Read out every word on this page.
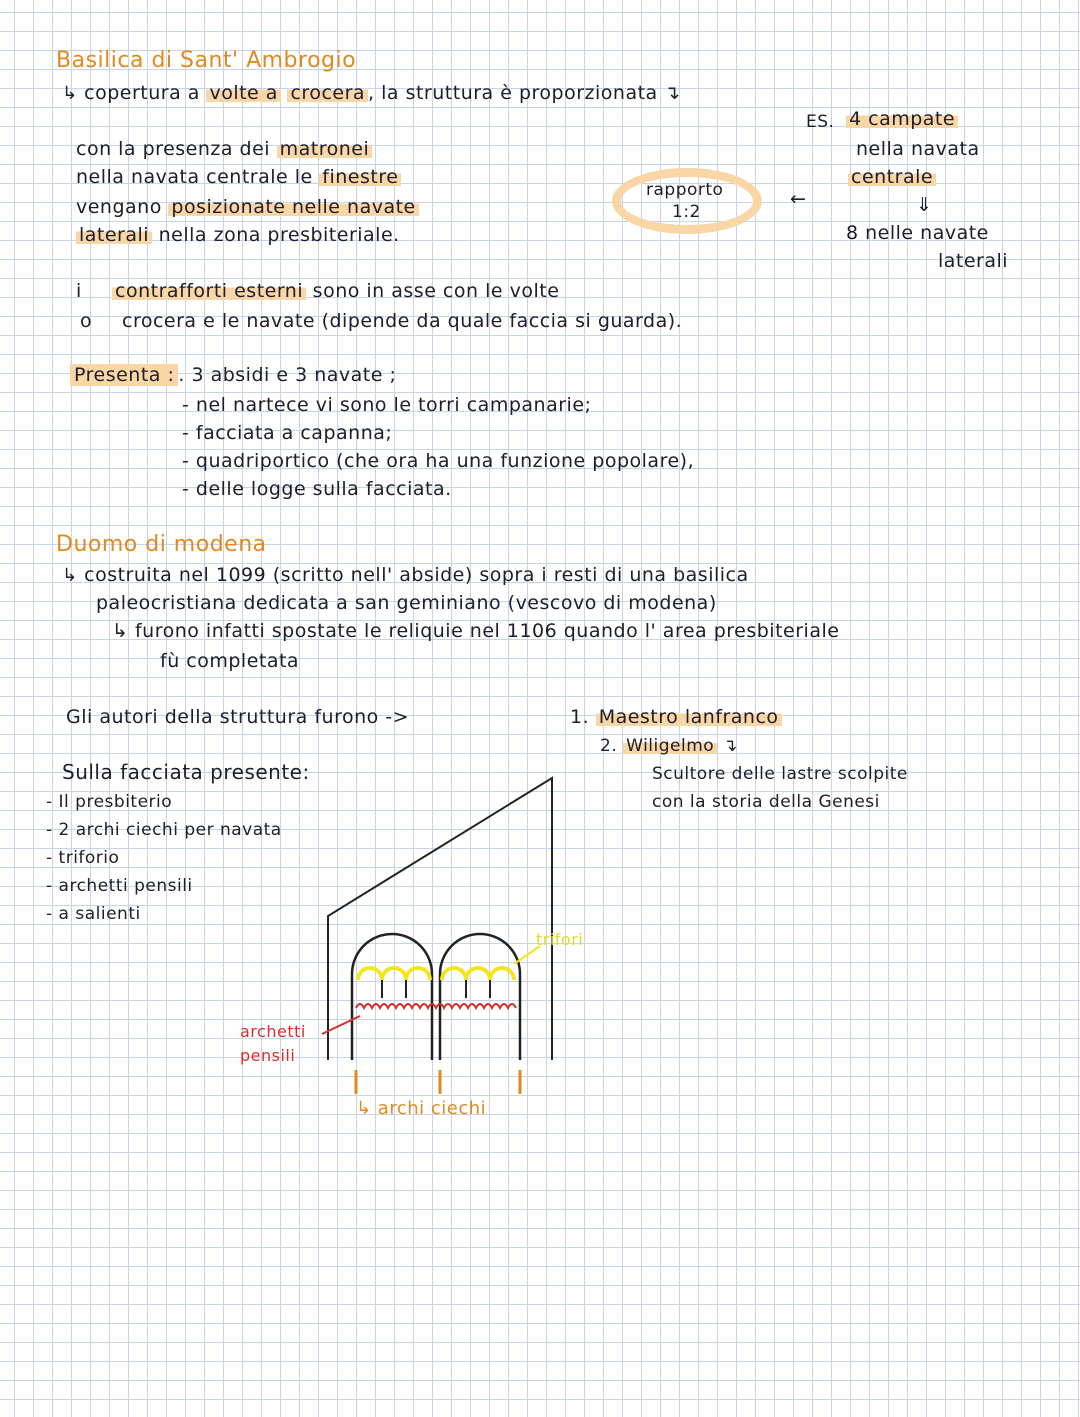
Basilica di Sant' Ambrogio
↳ copertura a volte a crocera , la struttura è proporzionata ↴
ES. 4 campate
nella navata
centrale
⇓
8 nelle navate
laterali
rapporto
1:2
←
con la presenza dei matronei
nella navata centrale le finestre
vengano posizionate nelle navate
laterali nella zona presbiteriale.
i contrafforti esterni sono in asse con le volte
o crocera e le navate (dipende da quale faccia si guarda).
Presenta : . 3 absidi e 3 navate ;
- nel nartece vi sono le torri campanarie;
- facciata a capanna;
- quadriportico (che ora ha una funzione popolare),
- delle logge sulla facciata.
Duomo di modena
↳ costruita nel 1099 (scritto nell' abside) sopra i resti di una basilica
paleocristiana dedicata a san geminiano (vescovo di modena)
↳ furono infatti spostate le reliquie nel 1106 quando l' area presbiteriale
fù completata
Gli autori della struttura furono ->	1. Maestro lanfranco
2. Wiligelmo ↴
Scultore delle lastre scolpite
con la storia della Genesi
Sulla facciata presente:
- Il presbiterio
- 2 archi ciechi per navata
- triforio
- archetti pensili
- a salienti
trifori
archetti
pensili
↳ archi ciechi
